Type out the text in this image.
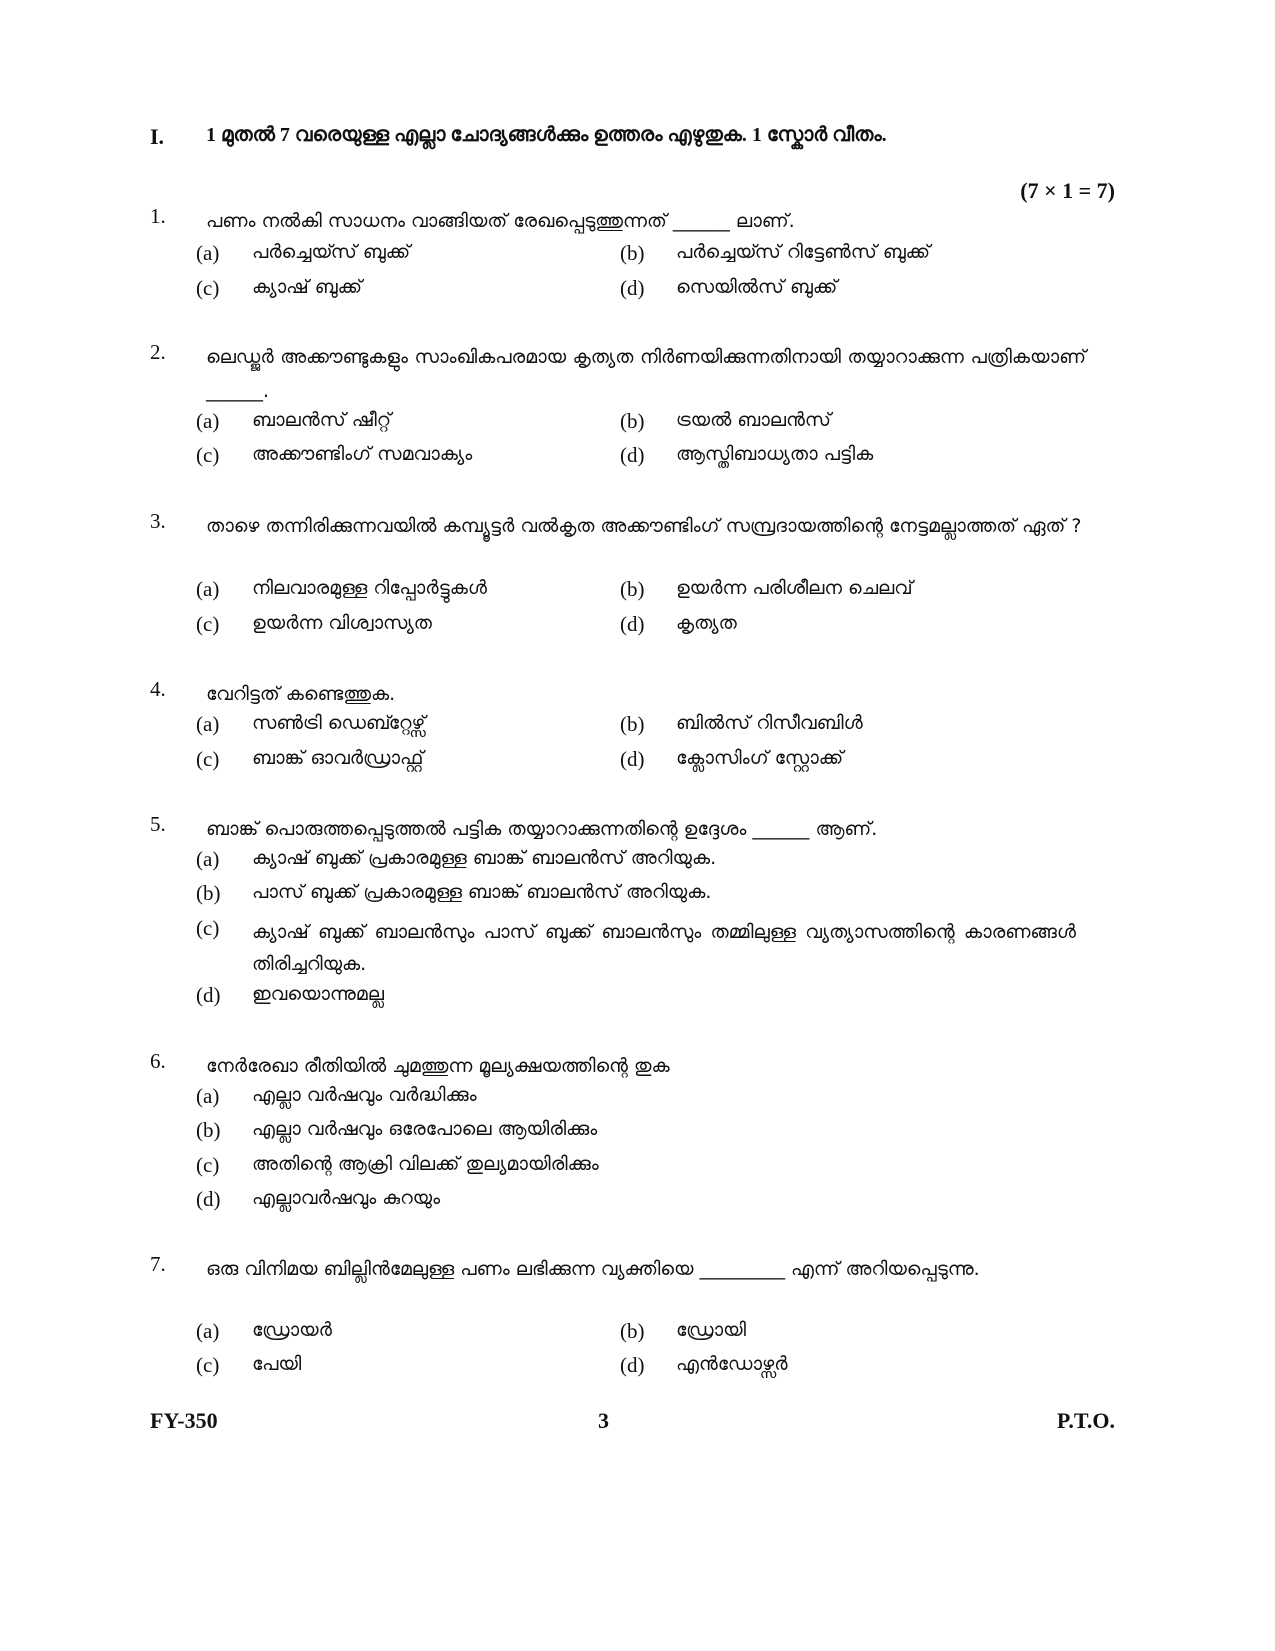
I. 1 മുതൽ 7 വരെയുള്ള എല്ലാ ചോദ്യങ്ങൾക്കും ഉത്തരം എഴുതുക. 1 സ്കോർ വീതം.
(7 × 1 = 7)
1. പണം നൽകി സാധനം വാങ്ങിയത് രേഖപ്പെടുത്തുന്നത് ______ ലാണ്.
(a) പർച്ചെയ്സ് ബുക്ക്	(b) പർച്ചെയ്സ് റിട്ടേൺസ് ബുക്ക്
(c) ക്യാഷ് ബുക്ക്	(d) സെയിൽസ് ബുക്ക്
2. ലെഡ്ജർ അക്കൗണ്ടുകളും സാംഖികപരമായ കൃത്യത നിർണയിക്കുന്നതിനായി തയ്യാറാക്കുന്ന പത്രികയാണ് ______.
(a) ബാലൻസ് ഷീറ്റ്	(b) ട്രയൽ ബാലൻസ്
(c) അക്കൗണ്ടിംഗ് സമവാക്യം	(d) ആസ്തിബാധ്യതാ പട്ടിക
3. താഴെ തന്നിരിക്കുന്നവയിൽ കമ്പ്യൂട്ടർ വൽകൃത അക്കൗണ്ടിംഗ് സമ്പ്രദായത്തിന്റെ നേട്ടമല്ലാത്തത് ഏത് ?
(a) നിലവാരമുള്ള റിപ്പോർട്ടുകൾ	(b) ഉയർന്ന പരിശീലന ചെലവ്
(c) ഉയർന്ന വിശ്വാസ്യത	(d) കൃത്യത
4. വേറിട്ടത് കണ്ടെത്തുക.
(a) സൺട്രി ഡെബ്റ്റേഴ്സ്	(b) ബിൽസ് റിസീവബിൾ
(c) ബാങ്ക് ഓവർഡ്രാഫ്റ്റ്	(d) ക്ലോസിംഗ് സ്റ്റോക്ക്
5. ബാങ്ക് പൊരുത്തപ്പെടുത്തൽ പട്ടിക തയ്യാറാക്കുന്നതിന്റെ ഉദ്ദേശം ______ ആണ്.
(a) ക്യാഷ് ബുക്ക് പ്രകാരമുള്ള ബാങ്ക് ബാലൻസ് അറിയുക.
(b) പാസ് ബുക്ക് പ്രകാരമുള്ള ബാങ്ക് ബാലൻസ് അറിയുക.
(c) ക്യാഷ് ബുക്ക് ബാലൻസും പാസ് ബുക്ക് ബാലൻസും തമ്മിലുള്ള വ്യത്യാസത്തിന്റെ കാരണങ്ങൾ തിരിച്ചറിയുക.
(d) ഇവയൊന്നുമല്ല
6. നേർരേഖാ രീതിയിൽ ചുമത്തുന്ന മൂല്യക്ഷയത്തിന്റെ തുക
(a) എല്ലാ വർഷവും വർദ്ധിക്കും
(b) എല്ലാ വർഷവും ഒരേപോലെ ആയിരിക്കും
(c) അതിന്റെ ആക്രി വിലക്ക് തുല്യമായിരിക്കും
(d) എല്ലാവർഷവും കുറയും
7. ഒരു വിനിമയ ബില്ലിൻമേലുള്ള പണം ലഭിക്കുന്ന വ്യക്തിയെ _________ എന്ന് അറിയപ്പെടുന്നു.
(a) ഡ്രോയർ	(b) ഡ്രോയി
(c) പേയി	(d) എൻഡോഴ്സർ
FY-350	3	P.T.O.
